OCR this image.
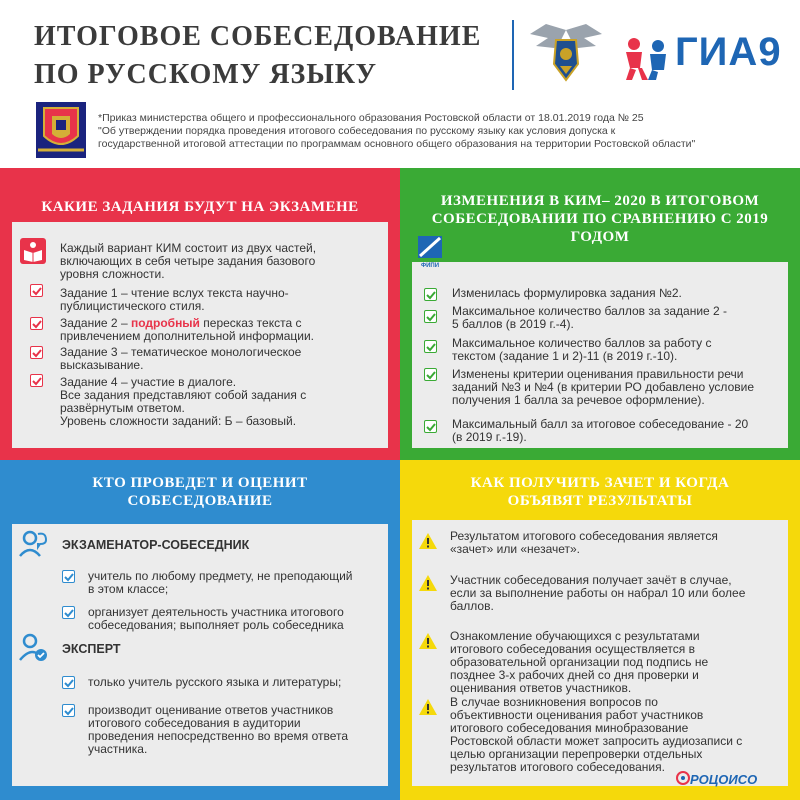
ИТОГОВОЕ СОБЕСЕДОВАНИЕ
ПО РУССКОМУ ЯЗЫКУ
ГИА9
*Приказ министерства общего и профессионального образования Ростовской области от 18.01.2019 года № 25
"Об утверждении порядка проведения итогового собеседования по русскому языку как условия допуска к
государственной итоговой аттестации по программам основного общего образования на территории Ростовской области"
КАКИЕ ЗАДАНИЯ БУДУТ НА ЭКЗАМЕНЕ
Каждый вариант КИМ состоит из двух частей,
включающих в себя четыре задания базового
уровня сложности.
Задание 1 – чтение вслух текста научно-
публицистического стиля.
Задание 2 – подробный пересказ текста с
привлечением дополнительной информации.
Задание 3 – тематическое монологическое
высказывание.
Задание 4 – участие в диалоге.
Все задания представляют собой задания с
развёрнутым ответом.
Уровень сложности заданий: Б – базовый.
ИЗМЕНЕНИЯ В КИМ– 2020 В ИТОГОВОМ
СОБЕСЕДОВАНИИ ПО СРАВНЕНИЮ С 2019
ГОДОМ
ФИПИ
Изменилась формулировка задания №2.
Максимальное количество баллов за задание 2 -
5 баллов (в 2019 г.-4).
Максимальное количество баллов за работу с
текстом (задание 1 и 2)-11 (в 2019 г.-10).
Изменены критерии оценивания правильности речи
заданий №3 и №4 (в критерии РО добавлено условие
получения 1 балла за речевое оформление).
Максимальный балл за итоговое собеседование - 20
(в 2019 г.-19).
КТО ПРОВЕДЕТ И ОЦЕНИТ
СОБЕСЕДОВАНИЕ
ЭКЗАМЕНАТОР-СОБЕСЕДНИК
учитель по любому предмету, не преподающий
в этом классе;
организует деятельность участника итогового
собеседования; выполняет роль собеседника
ЭКСПЕРТ
только учитель русского языка и литературы;
производит оценивание ответов участников
итогового собеседования в аудитории
проведения непосредственно во время ответа
участника.
КАК ПОЛУЧИТЬ ЗАЧЕТ И КОГДА
ОБЪЯВЯТ РЕЗУЛЬТАТЫ
Результатом итогового собеседования является
«зачет» или «незачет».
Участник собеседования получает зачёт в случае,
если за выполнение работы он набрал 10 или более
баллов.
Ознакомление обучающихся с результатами
итогового собеседования осуществляется в
образовательной организации под подпись не
позднее 3-х рабочих дней со дня проверки и
оценивания ответов участников.
В случае возникновения вопросов по
объективности оценивания работ участников
итогового собеседования минобразование
Ростовской области может запросить аудиозаписи с
целью организации перепроверки отдельных
результатов итогового собеседования.
РОЦОИСО
